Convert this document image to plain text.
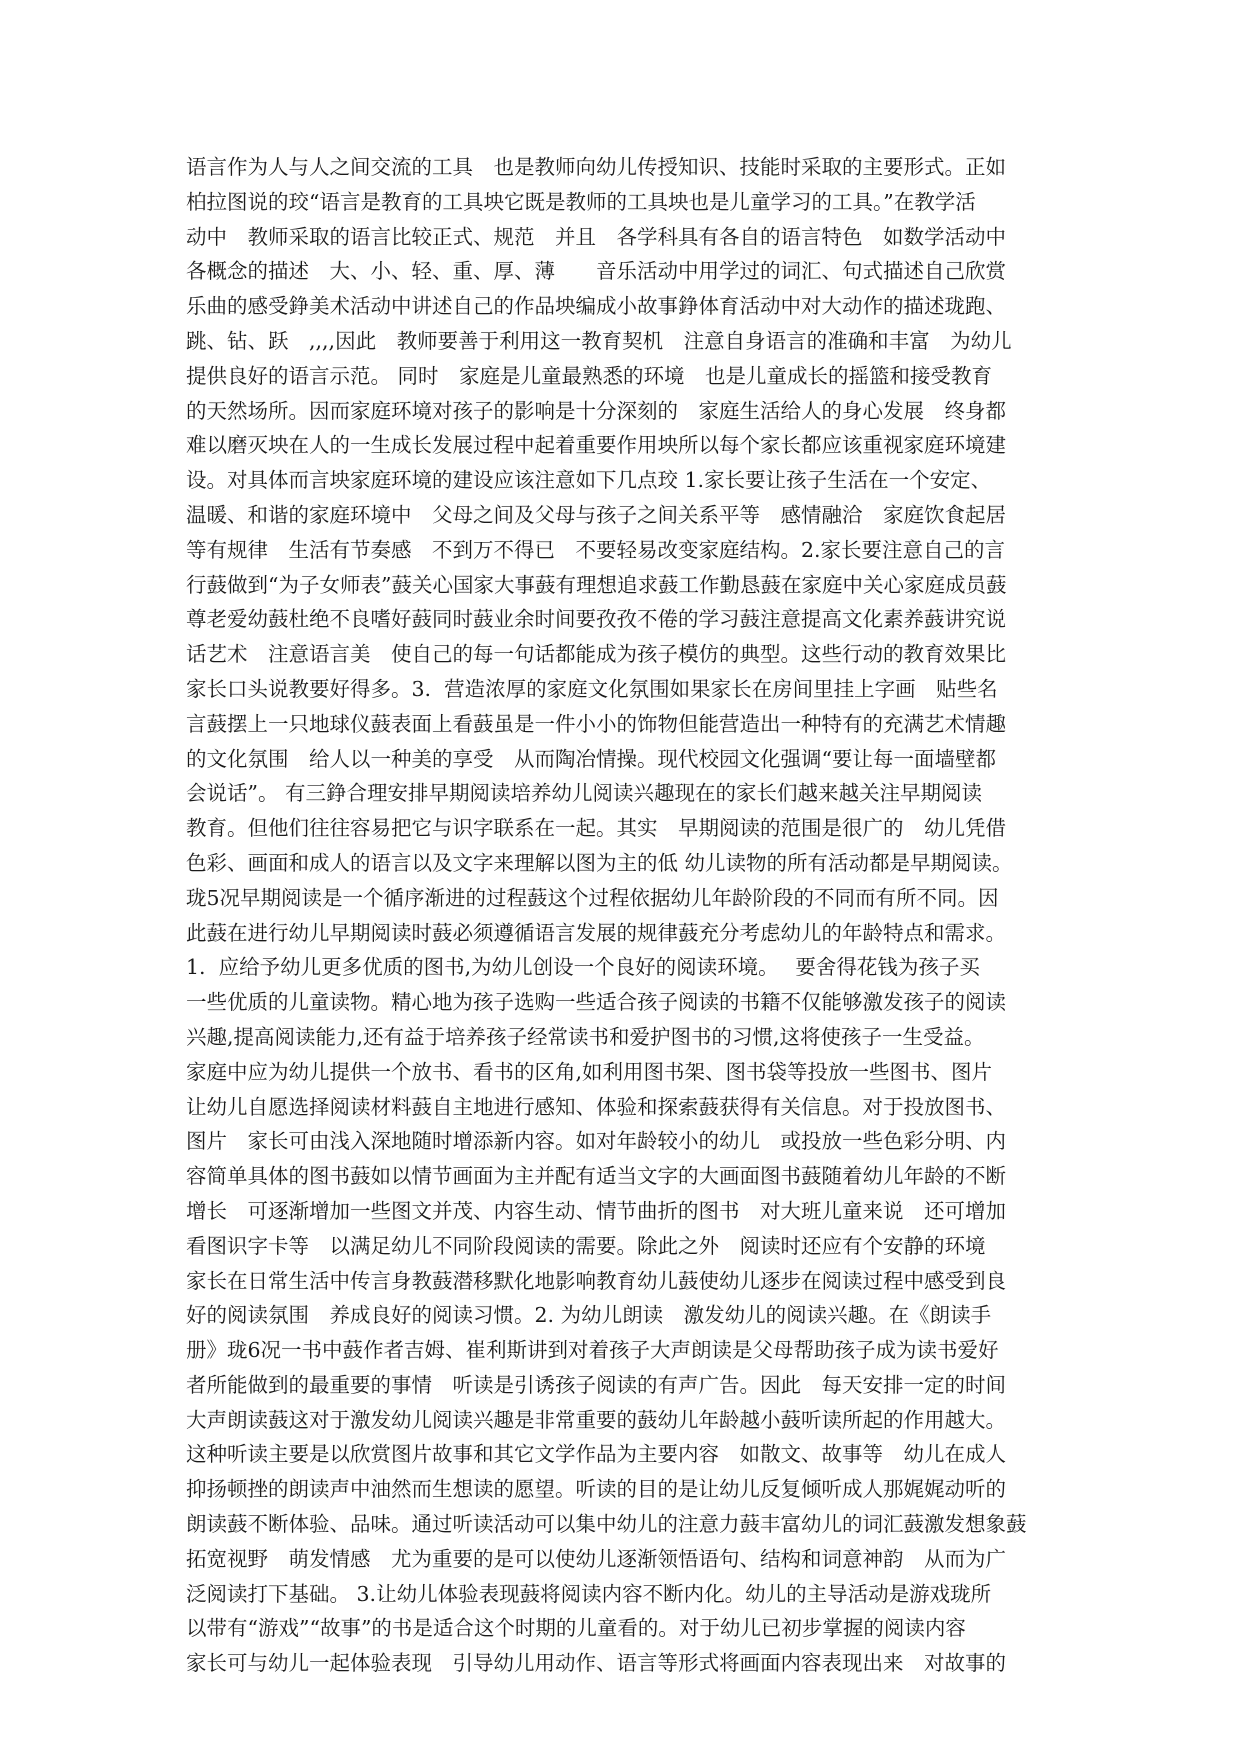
语言作为人与人之间交流的工具　也是教师向幼儿传授知识、技能时采取的主要形式。正如
柏拉图说的珓“语言是教育的工具坱它既是教师的工具坱也是儿童学习的工具。”在教学活
动中　教师采取的语言比较正式、规范　并且　各学科具有各自的语言特色　如数学活动中
各概念的描述　大、小、轻、重、厚、薄　　音乐活动中用学过的词汇、句式描述自己欣赏
乐曲的感受錚美术活动中讲述自己的作品坱编成小故事錚体育活动中对大动作的描述珑跑、
跳、钻、跃　,,,,因此　教师要善于利用这一教育契机　注意自身语言的准确和丰富　为幼儿
提供良好的语言示范。 同时　家庭是儿童最熟悉的环境　也是儿童成长的摇篮和接受教育
的天然场所。因而家庭环境对孩子的影响是十分深刻的　家庭生活给人的身心发展　终身都
难以磨灭坱在人的一生成长发展过程中起着重要作用坱所以每个家长都应该重视家庭环境建
设。对具体而言坱家庭环境的建设应该注意如下几点珓 1.家长要让孩子生活在一个安定、
温暖、和谐的家庭环境中　父母之间及父母与孩子之间关系平等　感情融洽　家庭饮食起居
等有规律　生活有节奏感　不到万不得已　不要轻易改变家庭结构。2.家长要注意自己的言
行薣做到“为子女师表”薣关心国家大事薣有理想追求薣工作勤恳薣在家庭中关心家庭成员薣
尊老爱幼薣杜绝不良嗜好薣同时薣业余时间要孜孜不倦的学习薣注意提高文化素养薣讲究说
话艺术　注意语言美　使自己的每一句话都能成为孩子模仿的典型。这些行动的教育效果比
家长口头说教要好得多。3.  营造浓厚的家庭文化氛围如果家长在房间里挂上字画　贴些名
言薣摆上一只地球仪薣表面上看薣虽是一件小小的饰物但能营造出一种特有的充满艺术情趣
的文化氛围　给人以一种美的享受　从而陶冶情操。现代校园文化强调“要让每一面墙壁都
会说话”。 有三錚合理安排早期阅读培养幼儿阅读兴趣现在的家长们越来越关注早期阅读
教育。但他们往往容易把它与识字联系在一起。其实　早期阅读的范围是很广的　幼儿凭借
色彩、画面和成人的语言以及文字来理解以图为主的低 幼儿读物的所有活动都是早期阅读。
珑5况早期阅读是一个循序渐进的过程薣这个过程依据幼儿年龄阶段的不同而有所不同。因
此薣在进行幼儿早期阅读时薣必须遵循语言发展的规律薣充分考虑幼儿的年龄特点和需求。
1.  应给予幼儿更多优质的图书,为幼儿创设一个良好的阅读环境。　 要舍得花钱为孩子买
一些优质的儿童读物。精心地为孩子选购一些适合孩子阅读的书籍不仅能够激发孩子的阅读
兴趣,提高阅读能力,还有益于培养孩子经常读书和爱护图书的习惯,这将使孩子一生受益。
家庭中应为幼儿提供一个放书、看书的区角,如利用图书架、图书袋等投放一些图书、图片
让幼儿自愿选择阅读材料薣自主地进行感知、体验和探索薣获得有关信息。对于投放图书、
图片　家长可由浅入深地随时增添新内容。如对年龄较小的幼儿　或投放一些色彩分明、内
容简单具体的图书薣如以情节画面为主并配有适当文字的大画面图书薣随着幼儿年龄的不断
增长　可逐渐增加一些图文并茂、内容生动、情节曲折的图书　对大班儿童来说　还可增加
看图识字卡等　以满足幼儿不同阶段阅读的需要。除此之外　阅读时还应有个安静的环境
家长在日常生活中传言身教薣潜移默化地影响教育幼儿薣使幼儿逐步在阅读过程中感受到良
好的阅读氛围　养成良好的阅读习惯。2. 为幼儿朗读　激发幼儿的阅读兴趣。在《朗读手
册》珑6况一书中薣作者吉姆、崔利斯讲到对着孩子大声朗读是父母帮助孩子成为读书爱好
者所能做到的最重要的事情　听读是引诱孩子阅读的有声广告。因此　每天安排一定的时间
大声朗读薣这对于激发幼儿阅读兴趣是非常重要的薣幼儿年龄越小薣听读所起的作用越大。
这种听读主要是以欣赏图片故事和其它文学作品为主要内容　如散文、故事等　幼儿在成人
抑扬顿挫的朗读声中油然而生想读的愿望。听读的目的是让幼儿反复倾听成人那娓娓动听的
朗读薣不断体验、品味。通过听读活动可以集中幼儿的注意力薣丰富幼儿的词汇薣激发想象薣
拓宽视野　萌发情感　尤为重要的是可以使幼儿逐渐领悟语句、结构和词意神韵　从而为广
泛阅读打下基础。 3.让幼儿体验表现薣将阅读内容不断内化。幼儿的主导活动是游戏珑所
以带有“游戏”“故事”的书是适合这个时期的儿童看的。对于幼儿已初步掌握的阅读内容
家长可与幼儿一起体验表现　引导幼儿用动作、语言等形式将画面内容表现出来　对故事的
